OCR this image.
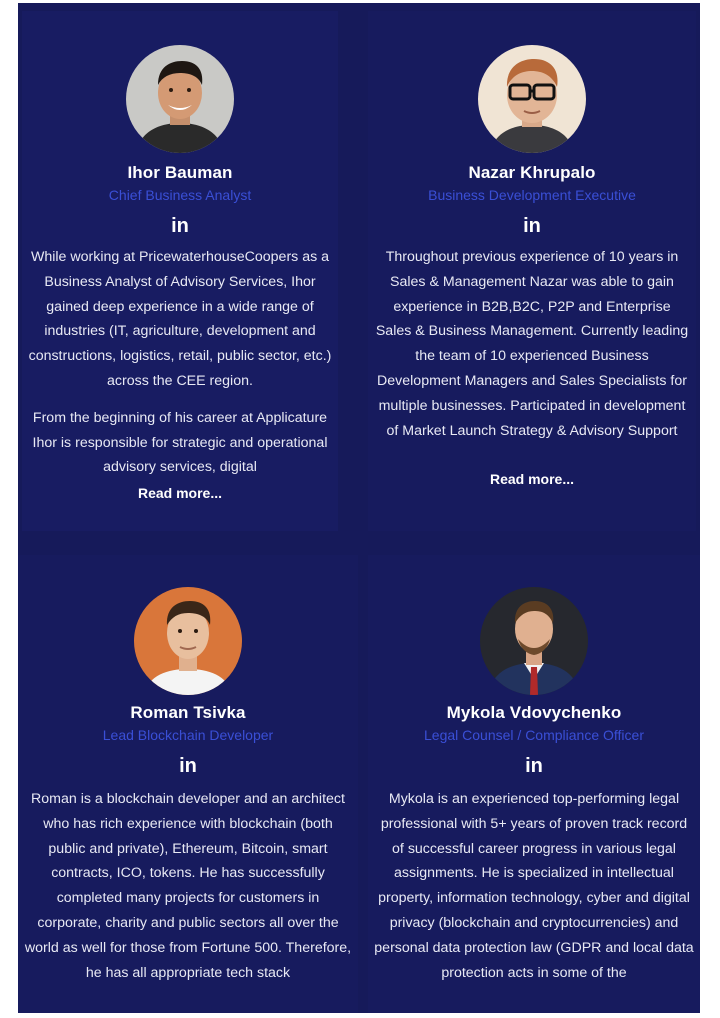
Ihor Bauman
Chief Business Analyst
in

While working at PricewaterhouseCoopers as a Business Analyst of Advisory Services, Ihor gained deep experience in a wide range of industries (IT, agriculture, development and constructions, logistics, retail, public sector, etc.) across the CEE region.

From the beginning of his career at Applicature Ihor is responsible for strategic and operational advisory services, digital

Read more...
Nazar Khrupalo
Business Development Executive
in

Throughout previous experience of 10 years in Sales & Management Nazar was able to gain experience in B2B,B2C, P2P and Enterprise Sales & Business Management. Currently leading the team of 10 experienced Business Development Managers and Sales Specialists for multiple businesses. Participated in development of Market Launch Strategy & Advisory Support

Read more...
Roman Tsivka
Lead Blockchain Developer
in

Roman is a blockchain developer and an architect who has rich experience with blockchain (both public and private), Ethereum, Bitcoin, smart contracts, ICO, tokens. He has successfully completed many projects for customers in corporate, charity and public sectors all over the world as well for those from Fortune 500. Therefore, he has all appropriate tech stack

Mykola Vdovychenko
Legal Counsel / Compliance Officer
in

Mykola is an experienced top-performing legal professional with 5+ years of proven track record of successful career progress in various legal assignments. He is specialized in intellectual property, information technology, cyber and digital privacy (blockchain and cryptocurrencies) and personal data protection law (GDPR and local data protection acts in some of the
